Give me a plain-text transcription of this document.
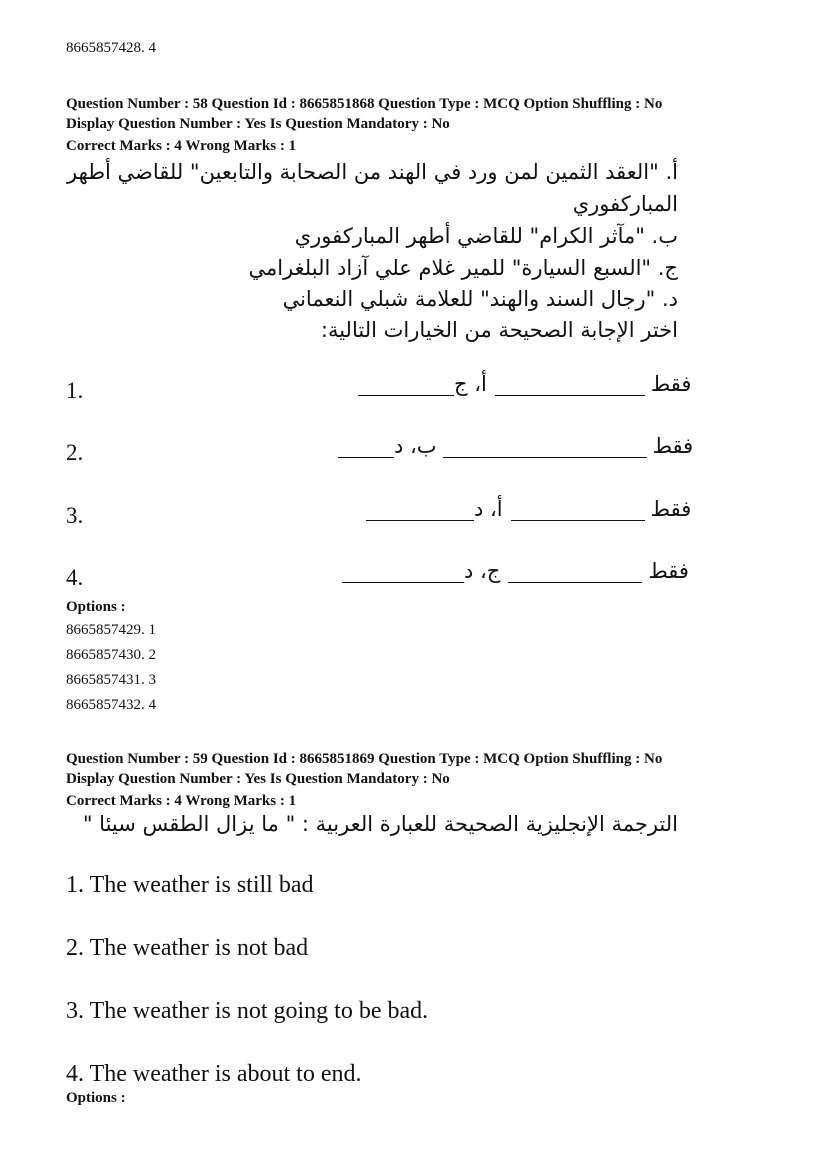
8665857428. 4
Question Number : 58 Question Id : 8665851868 Question Type : MCQ Option Shuffling : No
Display Question Number : Yes Is Question Mandatory : No
Correct Marks : 4 Wrong Marks : 1
أ. "العقد الثمين لمن ورد في الهند من الصحابة والتابعين" للقاضي أطهر
المباركفوري
ب. "مآثر الكرام" للقاضي أطهر المباركفوري
ج. "السبع السيارة" للمير غلام علي آزاد البلغرامي
د. "رجال السند والهند" للعلامة شبلي النعماني
اختر الإجابة الصحيحة من الخيارات التالية:
1.	فقط أ، ج
2.	فقط ب، د
3.	فقط أ، د
4.	فقط ج، د
Options :
8665857429. 1
8665857430. 2
8665857431. 3
8665857432. 4
Question Number : 59 Question Id : 8665851869 Question Type : MCQ Option Shuffling : No
Display Question Number : Yes Is Question Mandatory : No
Correct Marks : 4 Wrong Marks : 1
الترجمة الإنجليزية الصحيحة للعبارة العربية : " ما يزال الطقس سيئا "
1. The weather is still bad
2. The weather is not bad
3. The weather is not going to be bad.
4. The weather is about to end.
Options :
